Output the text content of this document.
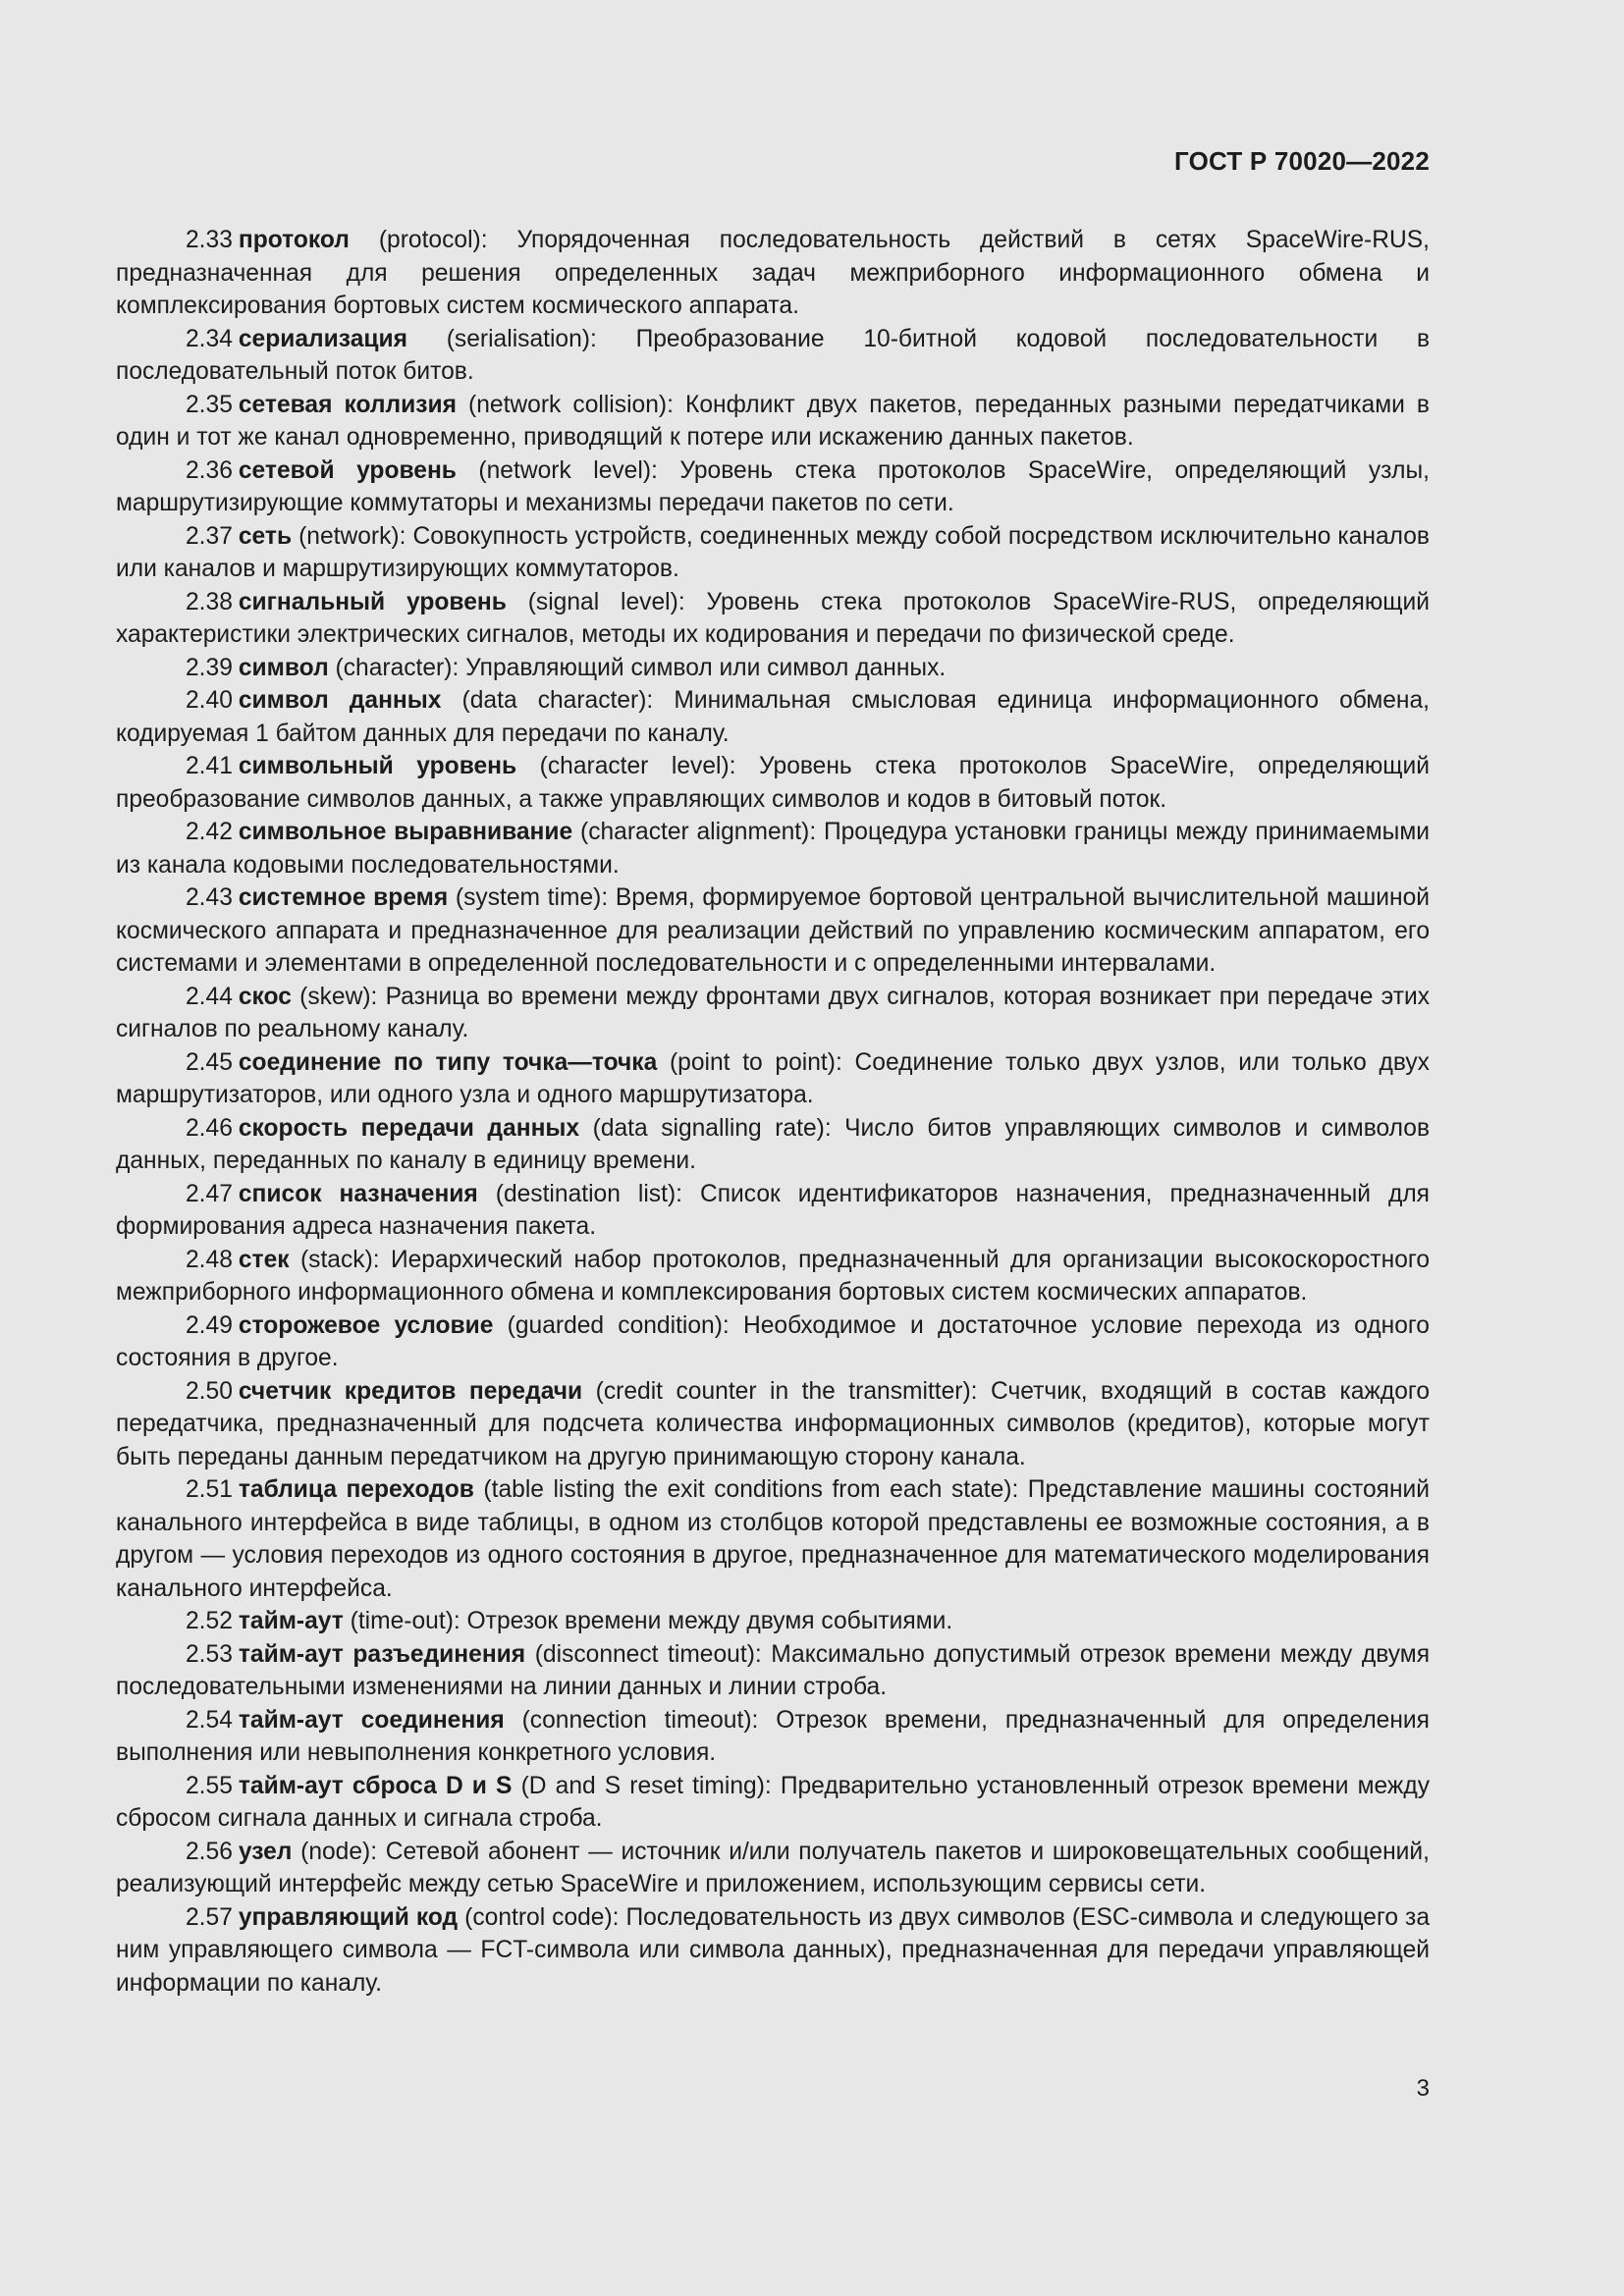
ГОСТ Р 70020—2022

2.33 протокол (protocol): Упорядоченная последовательность действий в сетях SpaceWire-RUS, предназначенная для решения определенных задач межприборного информационного обмена и комплексирования бортовых систем космического аппарата.

2.34 сериализация (serialisation): Преобразование 10-битной кодовой последовательности в последовательный поток битов.

2.35 сетевая коллизия (network collision): Конфликт двух пакетов, переданных разными передатчиками в один и тот же канал одновременно, приводящий к потере или искажению данных пакетов.

2.36 сетевой уровень (network level): Уровень стека протоколов SpaceWire, определяющий узлы, маршрутизирующие коммутаторы и механизмы передачи пакетов по сети.

2.37 сеть (network): Совокупность устройств, соединенных между собой посредством исключительно каналов или каналов и маршрутизирующих коммутаторов.

2.38 сигнальный уровень (signal level): Уровень стека протоколов SpaceWire-RUS, определяющий характеристики электрических сигналов, методы их кодирования и передачи по физической среде.

2.39 символ (character): Управляющий символ или символ данных.

2.40 символ данных (data character): Минимальная смысловая единица информационного обмена, кодируемая 1 байтом данных для передачи по каналу.

2.41 символьный уровень (character level): Уровень стека протоколов SpaceWire, определяющий преобразование символов данных, а также управляющих символов и кодов в битовый поток.

2.42 символьное выравнивание (character alignment): Процедура установки границы между принимаемыми из канала кодовыми последовательностями.

2.43 системное время (system time): Время, формируемое бортовой центральной вычислительной машиной космического аппарата и предназначенное для реализации действий по управлению космическим аппаратом, его системами и элементами в определенной последовательности и с определенными интервалами.

2.44 скос (skew): Разница во времени между фронтами двух сигналов, которая возникает при передаче этих сигналов по реальному каналу.

2.45 соединение по типу точка—точка (point to point): Соединение только двух узлов, или только двух маршрутизаторов, или одного узла и одного маршрутизатора.

2.46 скорость передачи данных (data signalling rate): Число битов управляющих символов и символов данных, переданных по каналу в единицу времени.

2.47 список назначения (destination list): Список идентификаторов назначения, предназначенный для формирования адреса назначения пакета.

2.48 стек (stack): Иерархический набор протоколов, предназначенный для организации высокоскоростного межприборного информационного обмена и комплексирования бортовых систем космических аппаратов.

2.49 сторожевое условие (guarded condition): Необходимое и достаточное условие перехода из одного состояния в другое.

2.50 счетчик кредитов передачи (credit counter in the transmitter): Счетчик, входящий в состав каждого передатчика, предназначенный для подсчета количества информационных символов (кредитов), которые могут быть переданы данным передатчиком на другую принимающую сторону канала.

2.51 таблица переходов (table listing the exit conditions from each state): Представление машины состояний канального интерфейса в виде таблицы, в одном из столбцов которой представлены ее возможные состояния, а в другом — условия переходов из одного состояния в другое, предназначенное для математического моделирования канального интерфейса.

2.52 тайм-аут (time-out): Отрезок времени между двумя событиями.

2.53 тайм-аут разъединения (disconnect timeout): Максимально допустимый отрезок времени между двумя последовательными изменениями на линии данных и линии строба.

2.54 тайм-аут соединения (connection timeout): Отрезок времени, предназначенный для определения выполнения или невыполнения конкретного условия.

2.55 тайм-аут сброса D и S (D and S reset timing): Предварительно установленный отрезок времени между сбросом сигнала данных и сигнала строба.

2.56 узел (node): Сетевой абонент — источник и/или получатель пакетов и широковещательных сообщений, реализующий интерфейс между сетью SpaceWire и приложением, использующим сервисы сети.

2.57 управляющий код (control code): Последовательность из двух символов (ESC-символа и следующего за ним управляющего символа — FCT-символа или символа данных), предназначенная для передачи управляющей информации по каналу.

3
